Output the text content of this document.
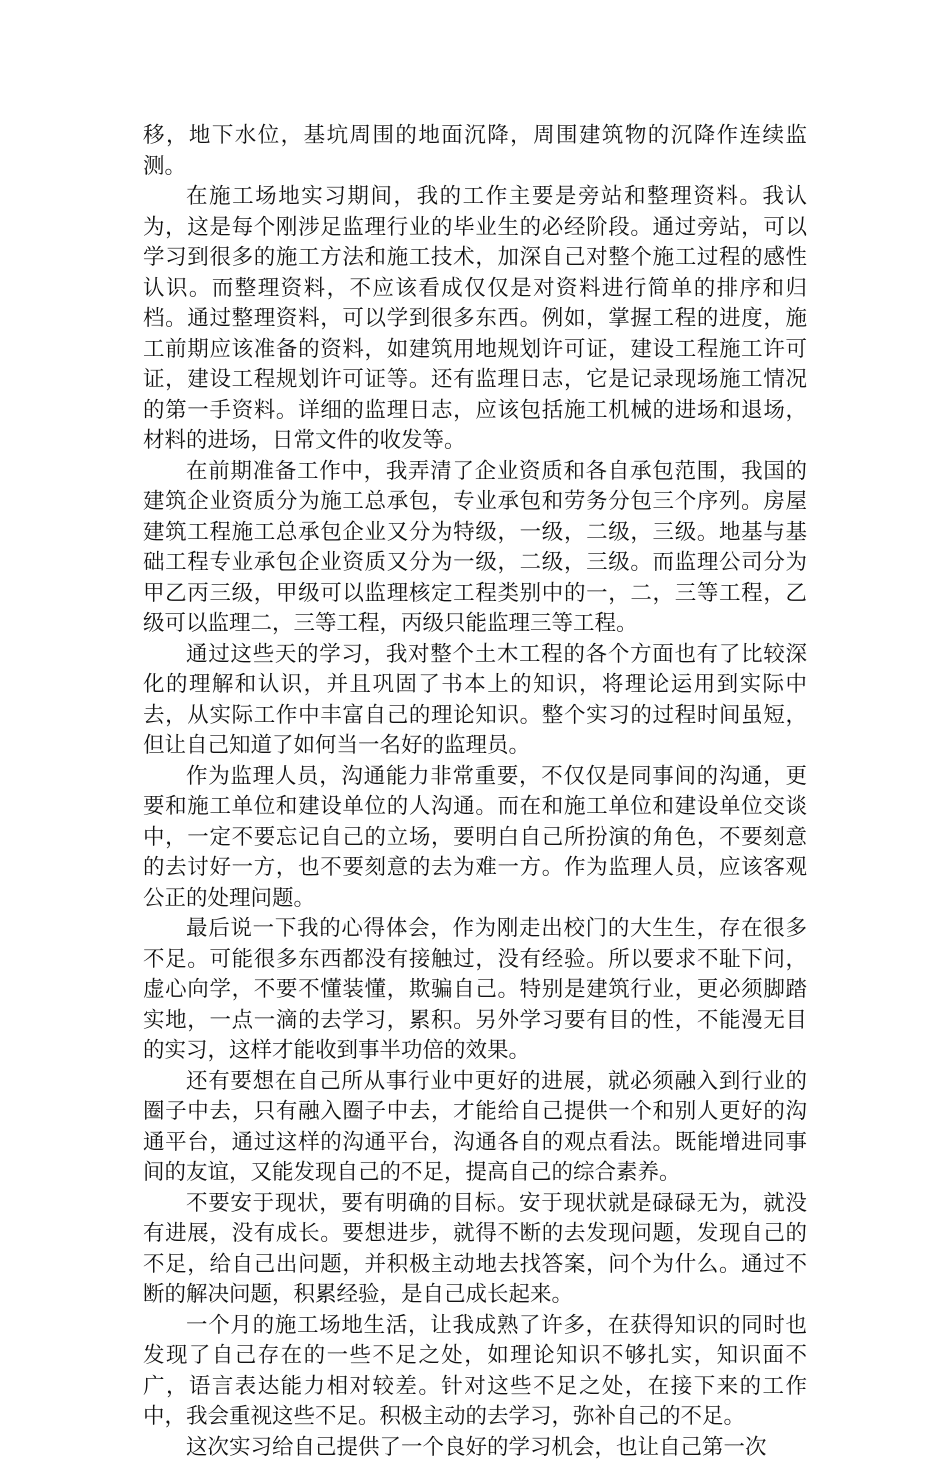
移，地下水位，基坑周围的地面沉降，周围建筑物的沉降作连续监测。

在施工场地实习期间，我的工作主要是旁站和整理资料。我认为，这是每个刚涉足监理行业的毕业生的必经阶段。通过旁站，可以学习到很多的施工方法和施工技术，加深自己对整个施工过程的感性认识。而整理资料，不应该看成仅仅是对资料进行简单的排序和归档。通过整理资料，可以学到很多东西。例如，掌握工程的进度，施工前期应该准备的资料，如建筑用地规划许可证，建设工程施工许可证，建设工程规划许可证等。还有监理日志，它是记录现场施工情况的第一手资料。详细的监理日志，应该包括施工机械的进场和退场，材料的进场，日常文件的收发等。

在前期准备工作中，我弄清了企业资质和各自承包范围，我国的建筑企业资质分为施工总承包，专业承包和劳务分包三个序列。房屋建筑工程施工总承包企业又分为特级，一级，二级，三级。地基与基础工程专业承包企业资质又分为一级，二级，三级。而监理公司分为甲乙丙三级，甲级可以监理核定工程类别中的一，二，三等工程，乙级可以监理二，三等工程，丙级只能监理三等工程。

通过这些天的学习，我对整个土木工程的各个方面也有了比较深化的理解和认识，并且巩固了书本上的知识，将理论运用到实际中去，从实际工作中丰富自己的理论知识。整个实习的过程时间虽短，但让自己知道了如何当一名好的监理员。

作为监理人员，沟通能力非常重要，不仅仅是同事间的沟通，更要和施工单位和建设单位的人沟通。而在和施工单位和建设单位交谈中，一定不要忘记自己的立场，要明白自己所扮演的角色，不要刻意的去讨好一方，也不要刻意的去为难一方。作为监理人员，应该客观公正的处理问题。

最后说一下我的心得体会，作为刚走出校门的大生生，存在很多不足。可能很多东西都没有接触过，没有经验。所以要求不耻下问，虚心向学，不要不懂装懂，欺骗自己。特别是建筑行业，更必须脚踏实地，一点一滴的去学习，累积。另外学习要有目的性，不能漫无目的实习，这样才能收到事半功倍的效果。

还有要想在自己所从事行业中更好的进展，就必须融入到行业的圈子中去，只有融入圈子中去，才能给自己提供一个和别人更好的沟通平台，通过这样的沟通平台，沟通各自的观点看法。既能增进同事间的友谊，又能发现自己的不足，提高自己的综合素养。

不要安于现状，要有明确的目标。安于现状就是碌碌无为，就没有进展，没有成长。要想进步，就得不断的去发现问题，发现自己的不足，给自己出问题，并积极主动地去找答案，问个为什么。通过不断的解决问题，积累经验，是自己成长起来。

一个月的施工场地生活，让我成熟了许多，在获得知识的同时也发现了自己存在的一些不足之处，如理论知识不够扎实，知识面不广，语言表达能力相对较差。针对这些不足之处，在接下来的工作中，我会重视这些不足。积极主动的去学习，弥补自己的不足。

这次实习给自己提供了一个良好的学习机会，也让自己第一次
